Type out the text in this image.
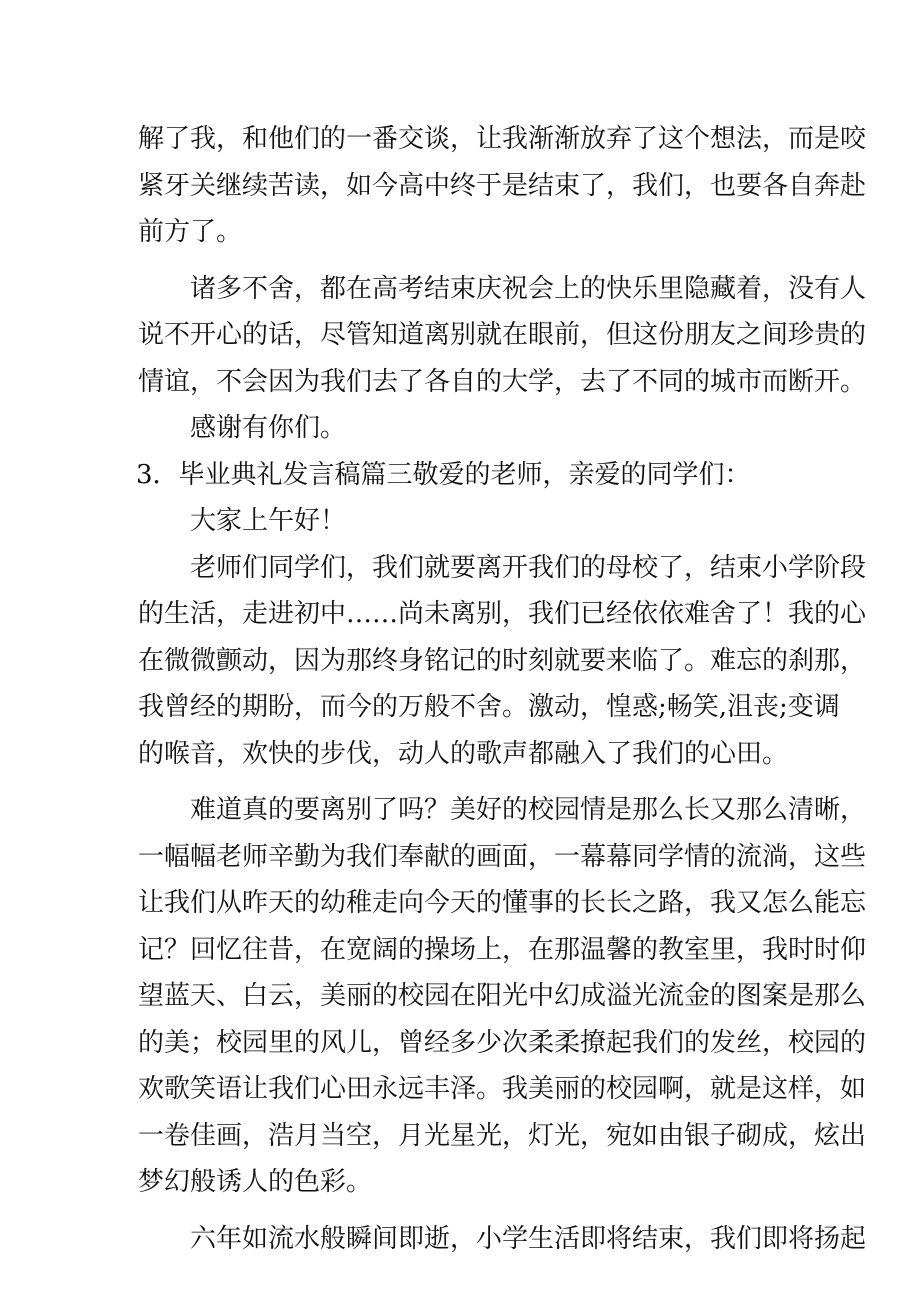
解了我，和他们的一番交谈，让我渐渐放弃了这个想法，而是咬
紧牙关继续苦读，如今高中终于是结束了，我们，也要各自奔赴
前方了。
诸多不舍，都在高考结束庆祝会上的快乐里隐藏着，没有人
说不开心的话，尽管知道离别就在眼前，但这份朋友之间珍贵的
情谊，不会因为我们去了各自的大学，去了不同的城市而断开。
感谢有你们。
3．毕业典礼发言稿篇三敬爱的老师，亲爱的同学们：
大家上午好！
老师们同学们，我们就要离开我们的母校了，结束小学阶段
的生活，走进初中……尚未离别，我们已经依依难舍了！我的心
在微微颤动，因为那终身铭记的时刻就要来临了。难忘的刹那，
我曾经的期盼，而今的万般不舍。激动，惶惑;畅笑,沮丧;变调
的喉音，欢快的步伐，动人的歌声都融入了我们的心田。
难道真的要离别了吗？美好的校园情是那么长又那么清晰，
一幅幅老师辛勤为我们奉献的画面，一幕幕同学情的流淌，这些
让我们从昨天的幼稚走向今天的懂事的长长之路，我又怎么能忘
记？回忆往昔，在宽阔的操场上，在那温馨的教室里，我时时仰
望蓝天、白云，美丽的校园在阳光中幻成溢光流金的图案是那么
的美；校园里的风儿，曾经多少次柔柔撩起我们的发丝，校园的
欢歌笑语让我们心田永远丰泽。我美丽的校园啊，就是这样，如
一卷佳画，浩月当空，月光星光，灯光，宛如由银子砌成，炫出
梦幻般诱人的色彩。
六年如流水般瞬间即逝，小学生活即将结束，我们即将扬起
